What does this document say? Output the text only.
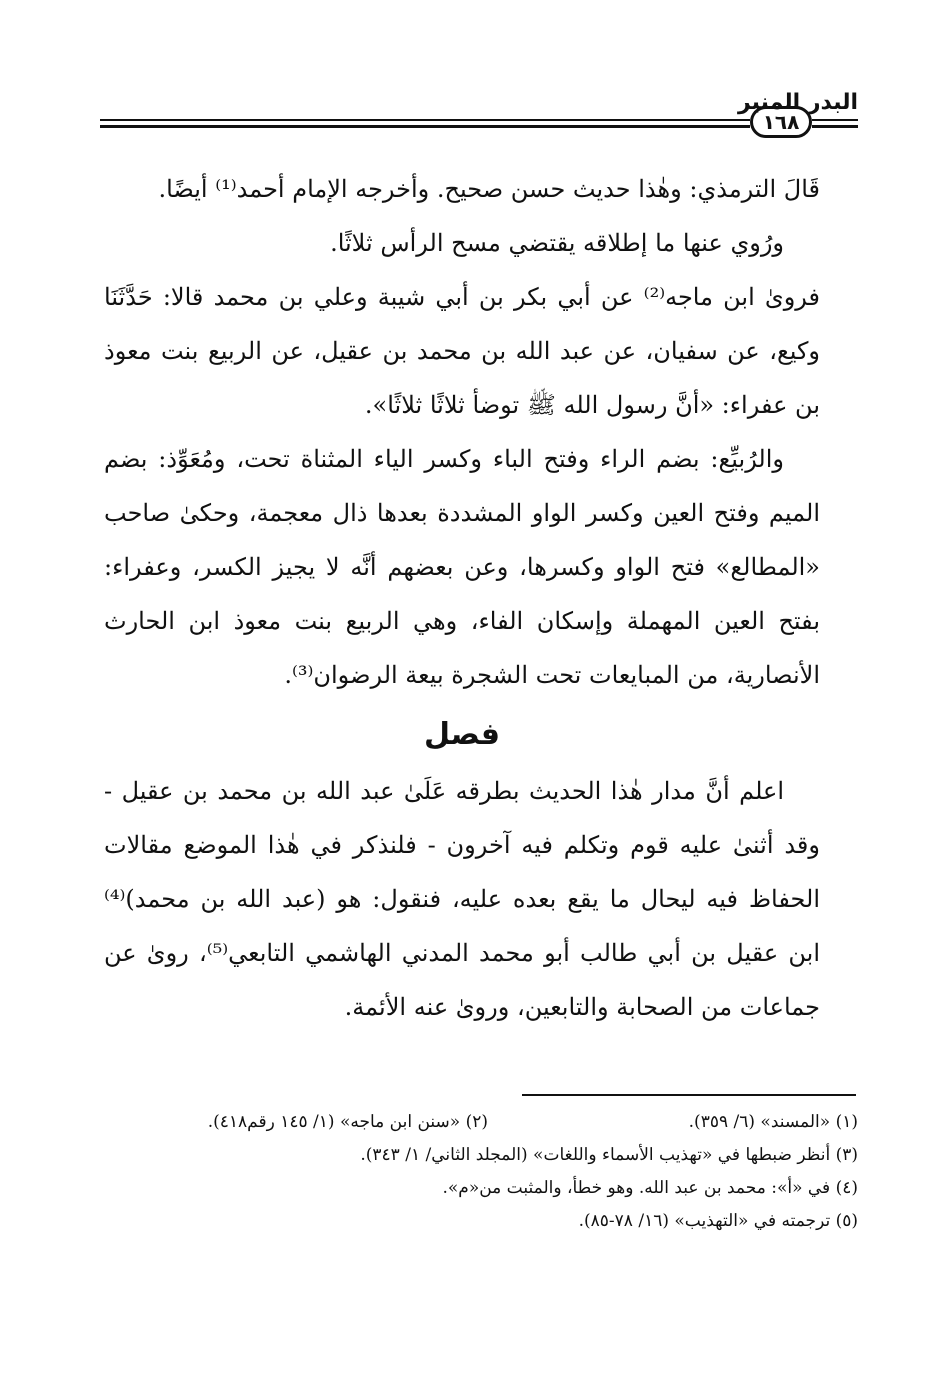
١٦٨
البدر المنير

قَالَ الترمذي: وهٰذا حديث حسن صحيح. وأخرجه الإمام أحمد⁽¹⁾ أيضًا.

ورُوي عنها ما إطلاقه يقتضي مسح الرأس ثلاثًا.

فروىٰ ابن ماجه⁽²⁾ عن أبي بكر بن أبي شيبة وعلي بن محمد قالا: حَدَّثَنَا وكيع، عن سفيان، عن عبد الله بن محمد بن عقيل، عن الربيع بنت معوذ بن عفراء: «أنَّ رسول الله ﷺ توضأ ثلاثًا ثلاثًا».

والرُبيِّع: بضم الراء وفتح الباء وكسر الياء المثناة تحت، ومُعَوِّذ: بضم الميم وفتح العين وكسر الواو المشددة بعدها ذال معجمة، وحكىٰ صاحب «المطالع» فتح الواو وكسرها، وعن بعضهم أنَّه لا يجيز الكسر، وعفراء: بفتح العين المهملة وإسكان الفاء، وهي الربيع بنت معوذ ابن الحارث الأنصارية، من المبايعات تحت الشجرة بيعة الرضوان⁽³⁾.

فصل

اعلم أنَّ مدار هٰذا الحديث بطرقه عَلَىٰ عبد الله بن محمد بن عقيل - وقد أثنىٰ عليه قوم وتكلم فيه آخرون - فلنذكر في هٰذا الموضع مقالات الحفاظ فيه ليحال ما يقع بعده عليه، فنقول: هو (عبد الله بن محمد)⁽⁴⁾ ابن عقيل بن أبي طالب أبو محمد المدني الهاشمي التابعي⁽⁵⁾، روىٰ عن جماعات من الصحابة والتابعين، وروىٰ عنه الأئمة.

(١) «المسند» (٦/ ٣٥٩).
(٢) «سنن ابن ماجه» (١/ ١٤٥ رقم٤١٨).
(٣) أنظر ضبطها في «تهذيب الأسماء واللغات» (المجلد الثاني/ ١/ ٣٤٣).
(٤) في «أ»: محمد بن عبد الله. وهو خطأ، والمثبت من«م».
(٥) ترجمته في «التهذيب» (١٦/ ٧٨-٨٥).
